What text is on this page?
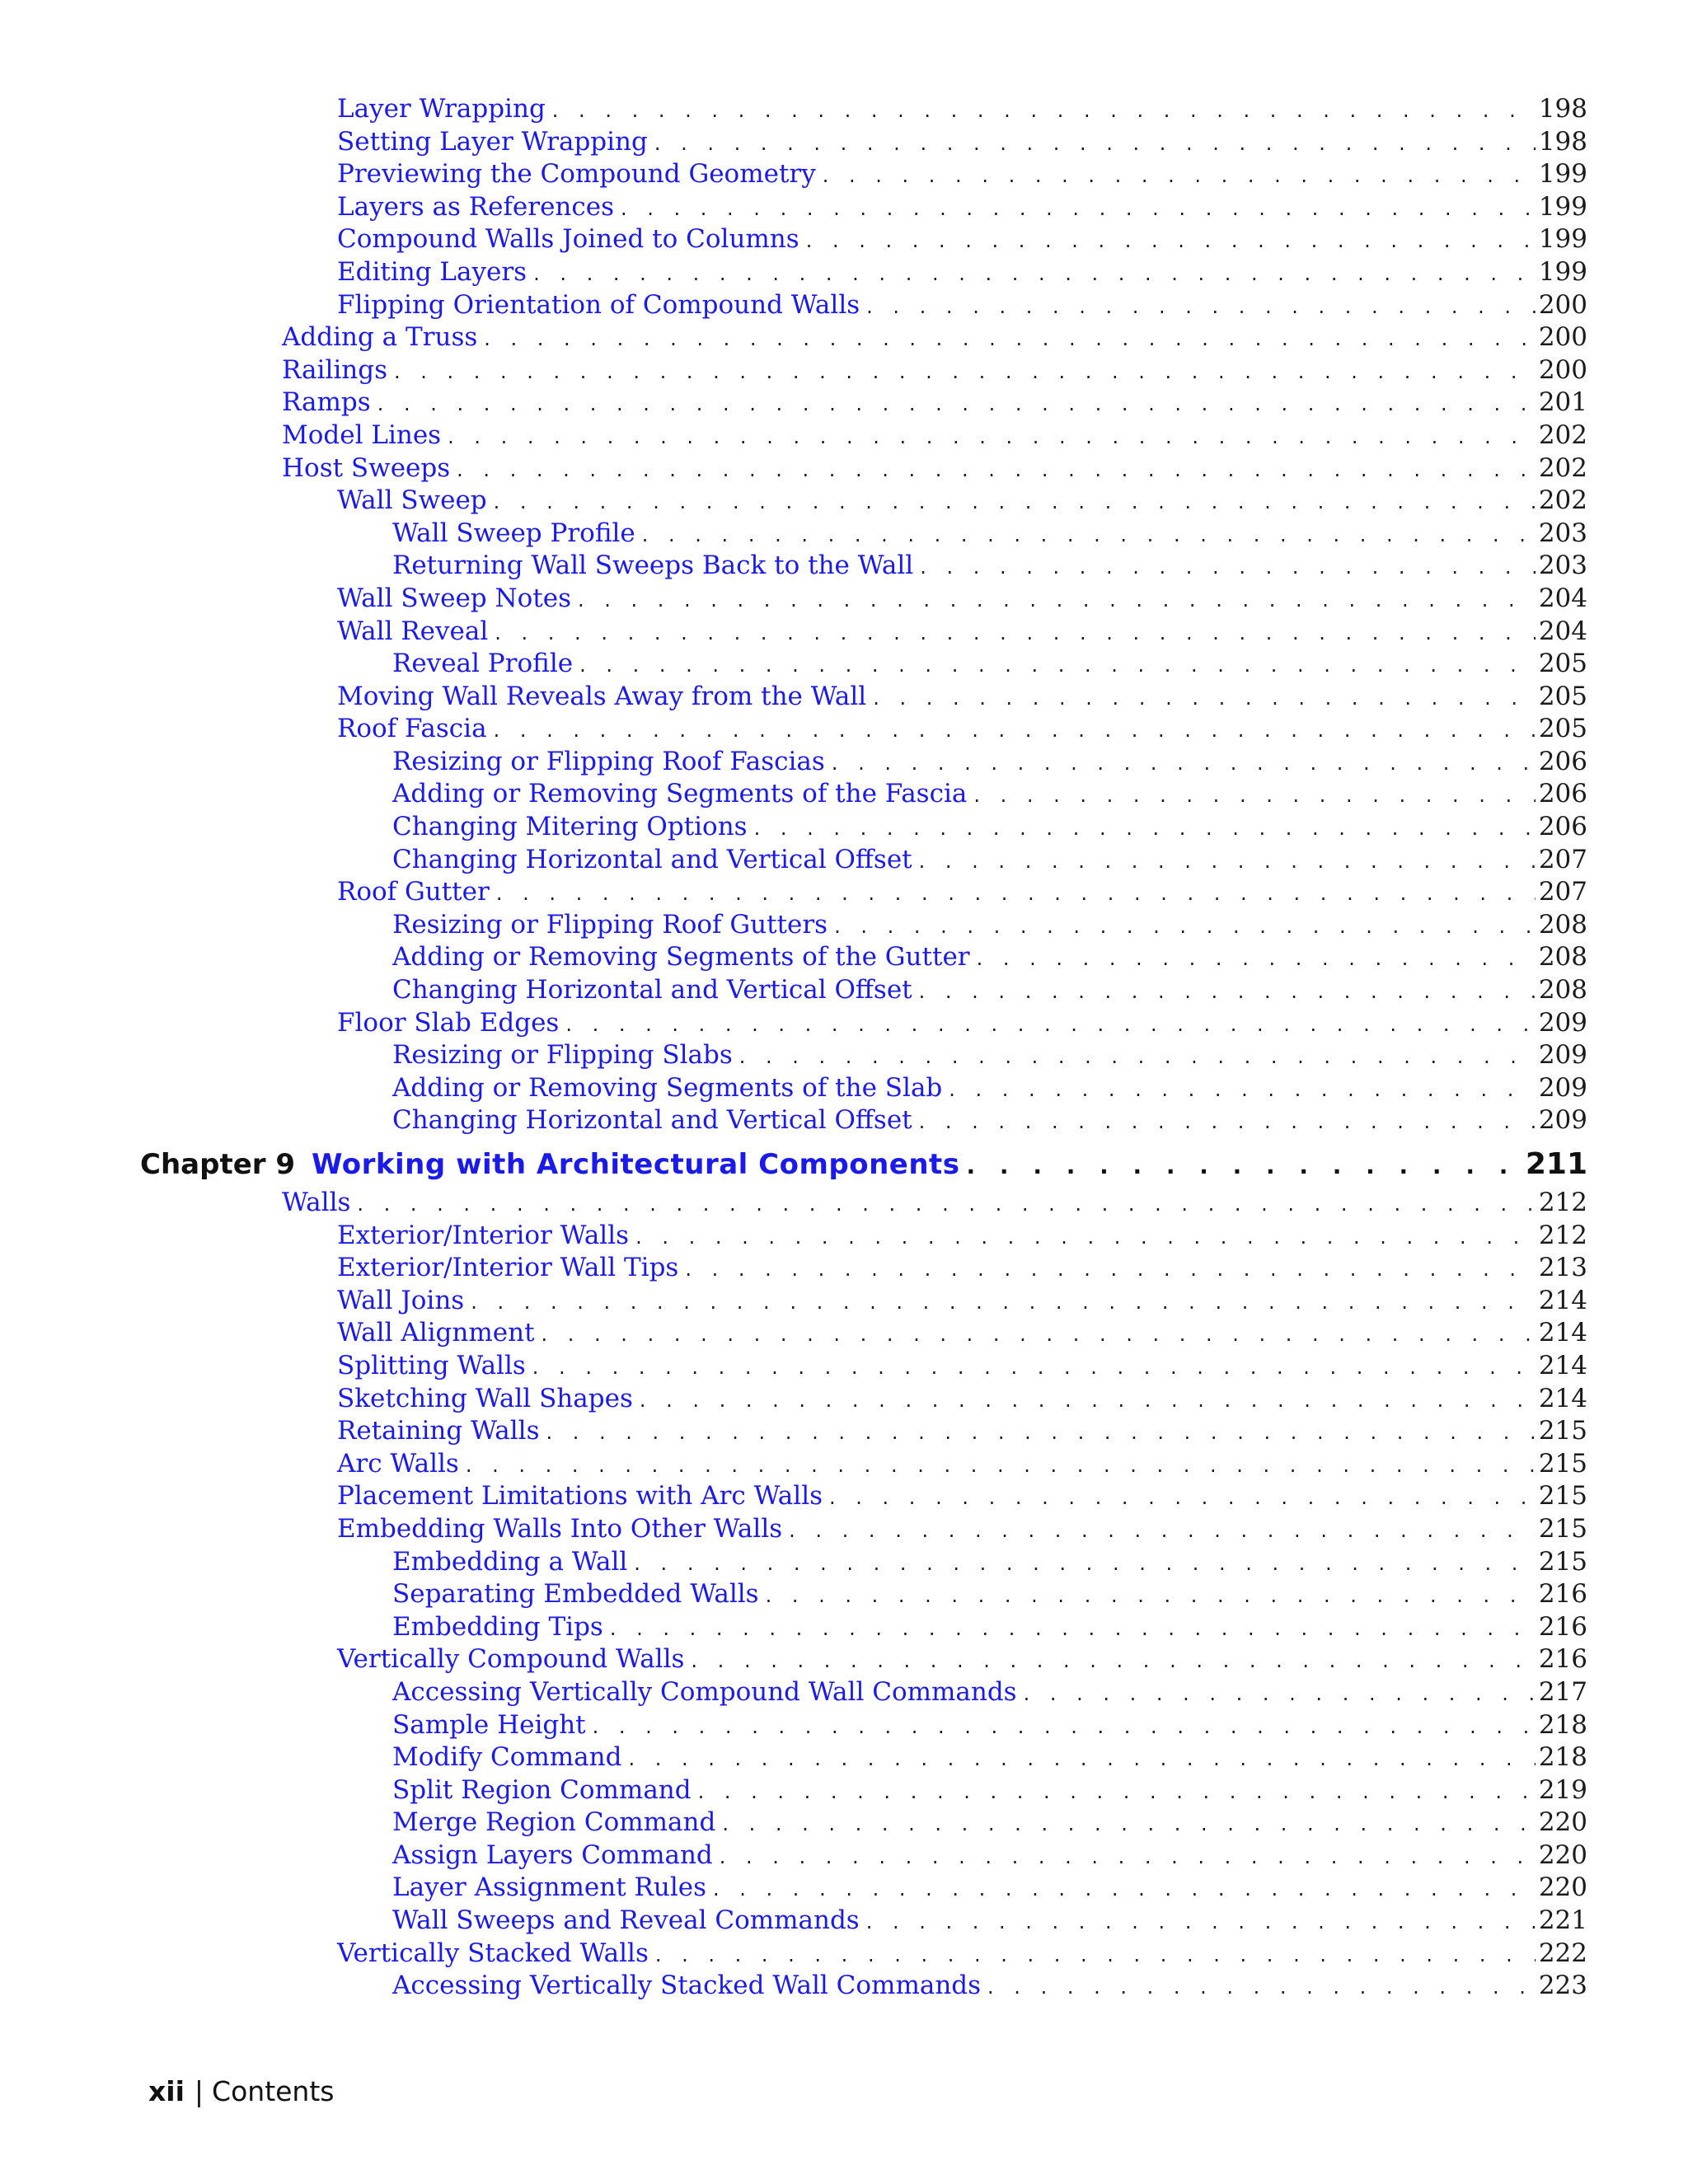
Layer Wrapping . . .	198
Setting Layer Wrapping . . .	198
Previewing the Compound Geometry . . .	199
Layers as References . . .	199
Compound Walls Joined to Columns . . .	199
Editing Layers . . .	199
Flipping Orientation of Compound Walls . . .	200
Adding a Truss . . .	200
Railings . . .	200
Ramps . . .	201
Model Lines . . .	202
Host Sweeps . . .	202
Wall Sweep . . .	202
Wall Sweep Profile . . .	203
Returning Wall Sweeps Back to the Wall . . .	203
Wall Sweep Notes . . .	204
Wall Reveal . . .	204
Reveal Profile . . .	205
Moving Wall Reveals Away from the Wall . . .	205
Roof Fascia . . .	205
Resizing or Flipping Roof Fascias . . .	206
Adding or Removing Segments of the Fascia . . .	206
Changing Mitering Options . . .	206
Changing Horizontal and Vertical Offset . . .	207
Roof Gutter . . .	207
Resizing or Flipping Roof Gutters . . .	208
Adding or Removing Segments of the Gutter . . .	208
Changing Horizontal and Vertical Offset . . .	208
Floor Slab Edges . . .	209
Resizing or Flipping Slabs . . .	209
Adding or Removing Segments of the Slab . . .	209
Changing Horizontal and Vertical Offset . . .	209
Chapter 9 Working with Architectural Components . . .	211
Walls . . .	212
Exterior/Interior Walls . . .	212
Exterior/Interior Wall Tips . . .	213
Wall Joins . . .	214
Wall Alignment . . .	214
Splitting Walls . . .	214
Sketching Wall Shapes . . .	214
Retaining Walls . . .	215
Arc Walls . . .	215
Placement Limitations with Arc Walls . . .	215
Embedding Walls Into Other Walls . . .	215
Embedding a Wall . . .	215
Separating Embedded Walls . . .	216
Embedding Tips . . .	216
Vertically Compound Walls . . .	216
Accessing Vertically Compound Wall Commands . . .	217
Sample Height . . .	218
Modify Command . . .	218
Split Region Command . . .	219
Merge Region Command . . .	220
Assign Layers Command . . .	220
Layer Assignment Rules . . .	220
Wall Sweeps and Reveal Commands . . .	221
Vertically Stacked Walls . . .	222
Accessing Vertically Stacked Wall Commands . . .	223
xii | Contents
